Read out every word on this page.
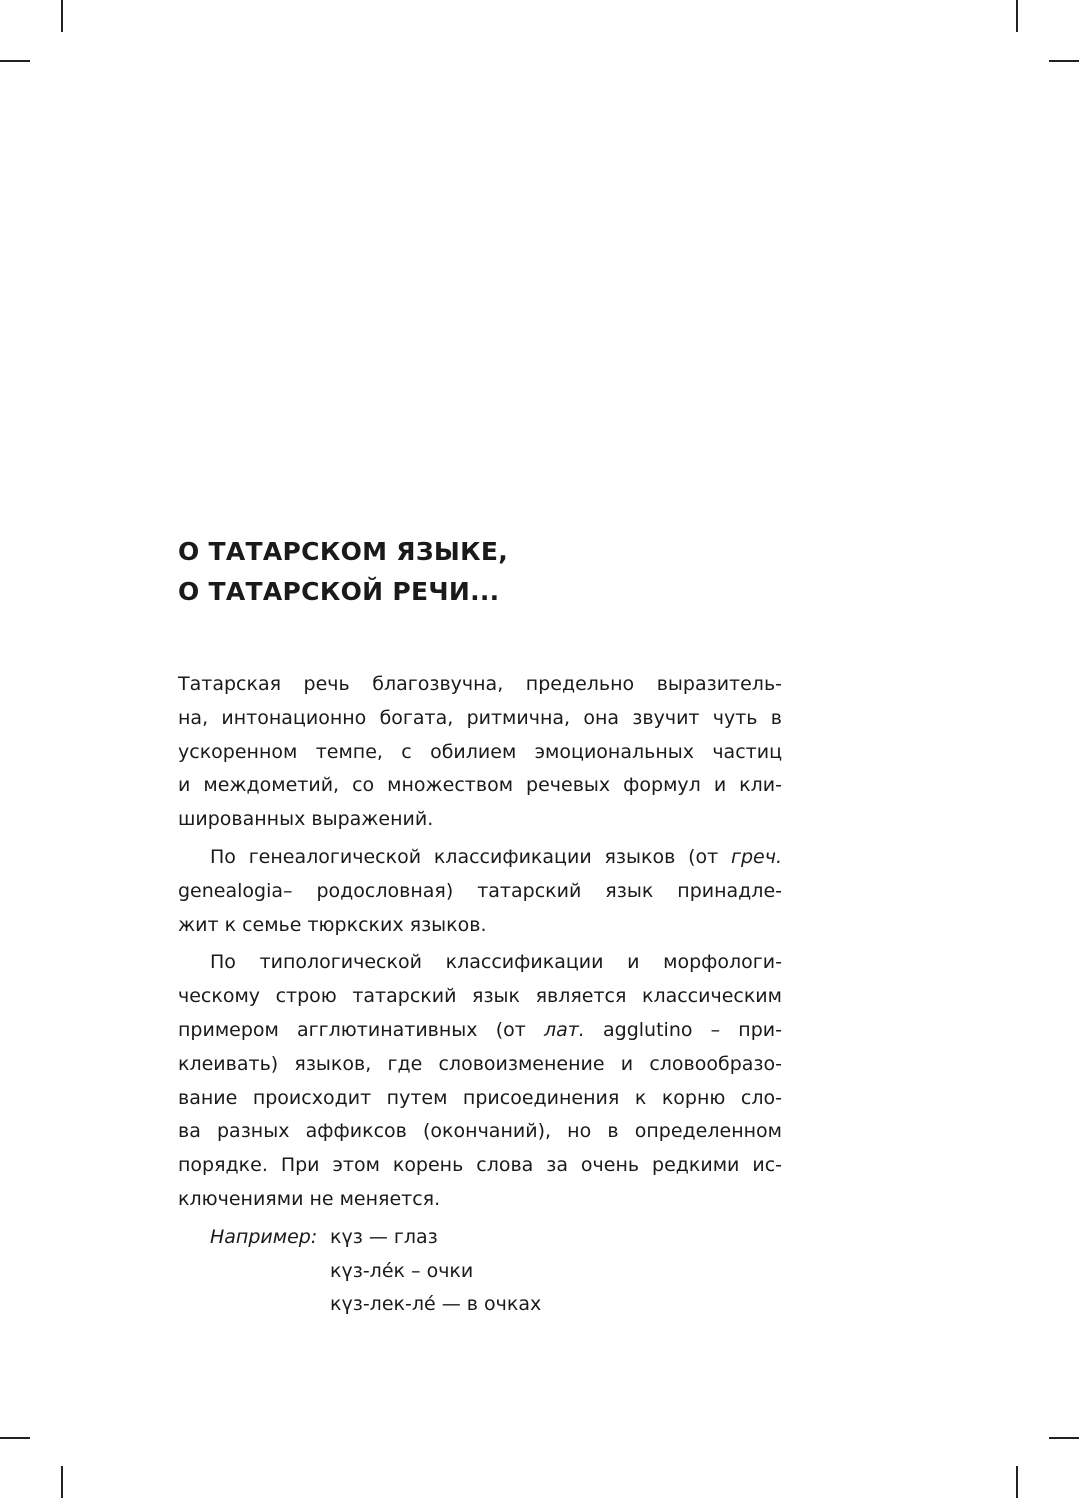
О ТАТАРСКОМ ЯЗЫКЕ,
О ТАТАРСКОЙ РЕЧИ...
Татарская речь благозвучна, предельно выразитель-
на, интонационно богата, ритмична, она звучит чуть в
ускоренном темпе, с обилием эмоциональных частиц
и междометий, со множеством речевых формул и кли-
шированных выражений.
По генеалогической классификации языков (от греч.
genealogia– родословная) татарский язык принадле-
жит к семье тюркских языков.
По типологической классификации и морфологи-
ческому строю татарский язык является классическим
примером агглютинативных (от лат. agglutino – при-
клеивать) языков, где словоизменение и словообразо-
вание происходит путем присоединения к корню сло-
ва разных аффиксов (окончаний), но в определенном
порядке. При этом корень слова за очень редкими ис-
ключениями не меняется.
Например: күз — глаз
күз-ле́к – очки
күз-лек-ле́ — в очках
